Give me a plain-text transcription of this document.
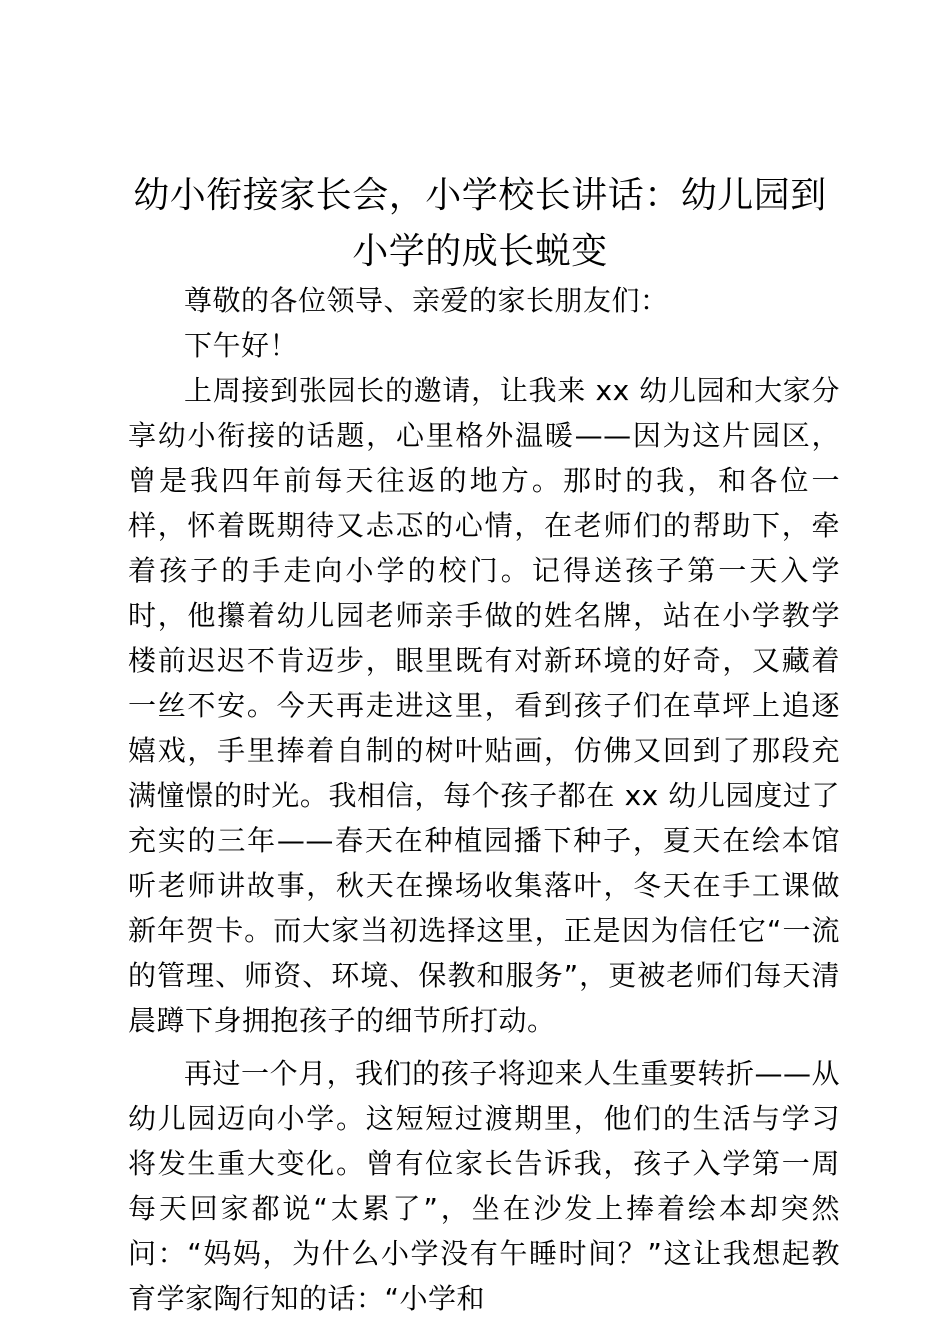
幼小衔接家长会，小学校长讲话：幼儿园到小学的成长蜕变

尊敬的各位领导、亲爱的家长朋友们：

下午好！

上周接到张园长的邀请，让我来 xx 幼儿园和大家分享幼小衔接的话题，心里格外温暖——因为这片园区，曾是我四年前每天往返的地方。那时的我，和各位一样，怀着既期待又忐忑的心情，在老师们的帮助下，牵着孩子的手走向小学的校门。记得送孩子第一天入学时，他攥着幼儿园老师亲手做的姓名牌，站在小学教学楼前迟迟不肯迈步，眼里既有对新环境的好奇，又藏着一丝不安。今天再走进这里，看到孩子们在草坪上追逐嬉戏，手里捧着自制的树叶贴画，仿佛又回到了那段充满憧憬的时光。我相信，每个孩子都在 xx 幼儿园度过了充实的三年——春天在种植园播下种子，夏天在绘本馆听老师讲故事，秋天在操场收集落叶，冬天在手工课做新年贺卡。而大家当初选择这里，正是因为信任它“一流的管理、师资、环境、保教和服务”，更被老师们每天清晨蹲下身拥抱孩子的细节所打动。

再过一个月，我们的孩子将迎来人生重要转折——从幼儿园迈向小学。这短短过渡期里，他们的生活与学习将发生重大变化。曾有位家长告诉我，孩子入学第一周每天回家都说“太累了”，坐在沙发上捧着绘本却突然问：“妈妈，为什么小学没有午睡时间？”这让我想起教育学家陶行知的话：“小学和
